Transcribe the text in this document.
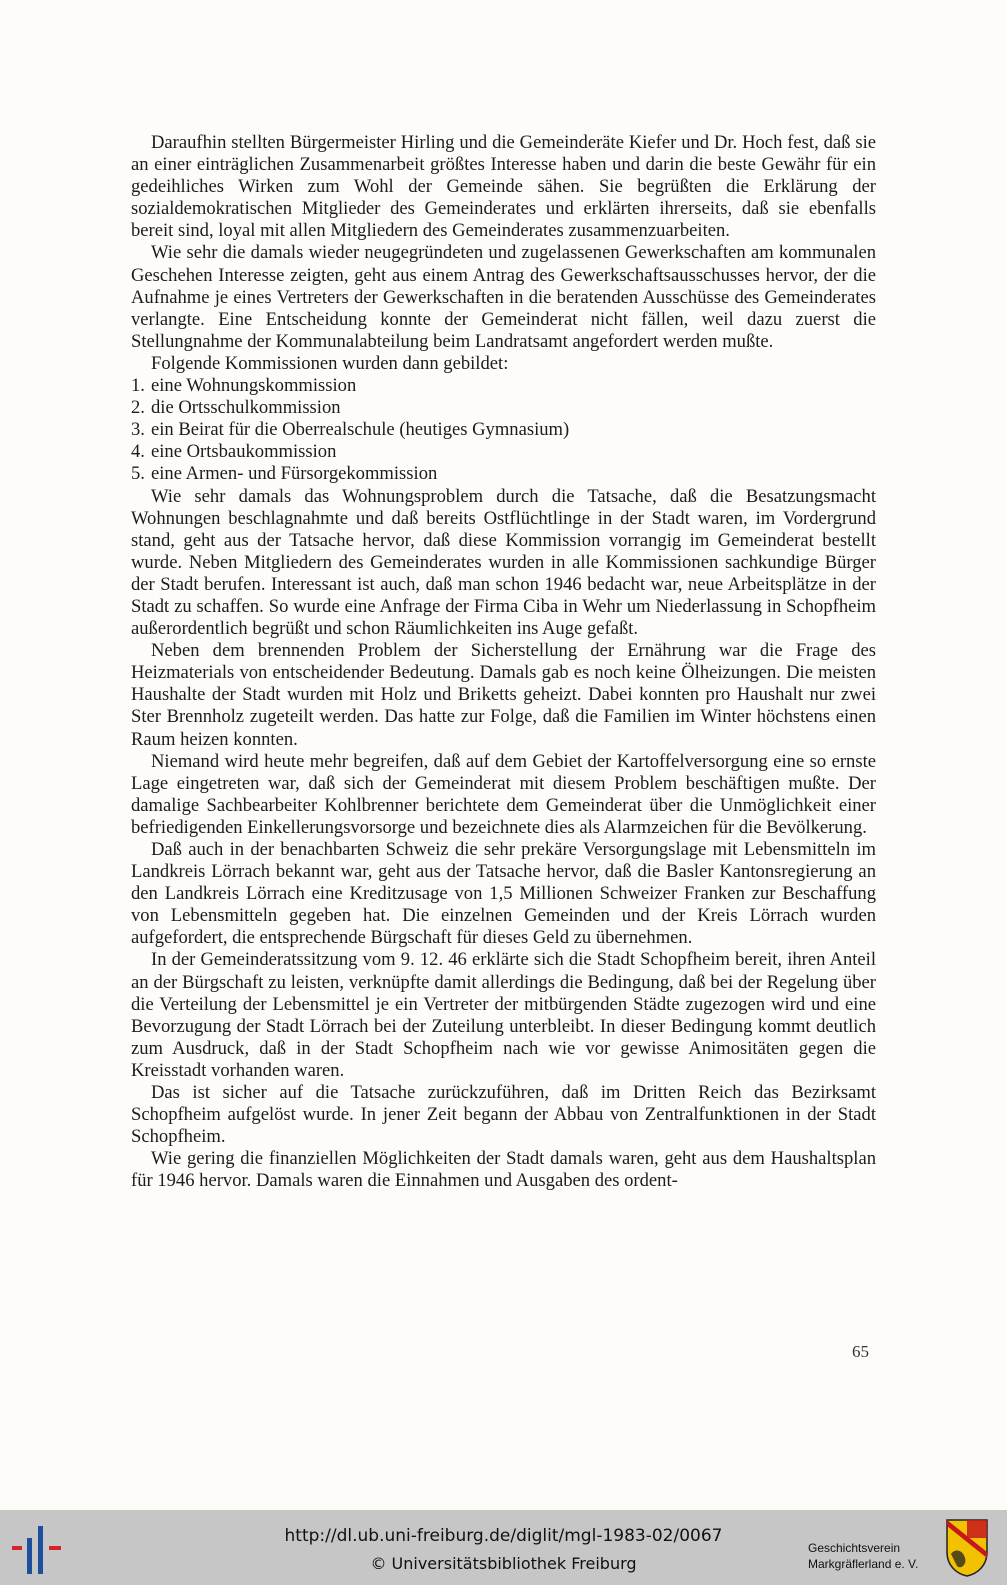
Daraufhin stellten Bürgermeister Hirling und die Gemeinderäte Kiefer und Dr. Hoch fest, daß sie an einer einträglichen Zusammenarbeit größtes Interesse haben und darin die beste Gewähr für ein gedeihliches Wirken zum Wohl der Gemeinde sähen. Sie begrüßten die Erklärung der sozialdemokratischen Mitglieder des Gemeinderates und erklärten ihrerseits, daß sie ebenfalls bereit sind, loyal mit allen Mitgliedern des Gemeinderates zusammenzuarbeiten.

Wie sehr die damals wieder neugegründeten und zugelassenen Gewerkschaften am kommunalen Geschehen Interesse zeigten, geht aus einem Antrag des Gewerkschaftsausschusses hervor, der die Aufnahme je eines Vertreters der Gewerkschaften in die beratenden Ausschüsse des Gemeinderates verlangte. Eine Entscheidung konnte der Gemeinderat nicht fällen, weil dazu zuerst die Stellungnahme der Kommunalabteilung beim Landratsamt angefordert werden mußte.

Folgende Kommissionen wurden dann gebildet:

1. eine Wohnungskommission
2. die Ortsschulkommission
3. ein Beirat für die Oberrealschule (heutiges Gymnasium)
4. eine Ortsbaukommission
5. eine Armen- und Fürsorgekommission

Wie sehr damals das Wohnungsproblem durch die Tatsache, daß die Besatzungsmacht Wohnungen beschlagnahmte und daß bereits Ostflüchtlinge in der Stadt waren, im Vordergrund stand, geht aus der Tatsache hervor, daß diese Kommission vorrangig im Gemeinderat bestellt wurde. Neben Mitgliedern des Gemeinderates wurden in alle Kommissionen sachkundige Bürger der Stadt berufen. Interessant ist auch, daß man schon 1946 bedacht war, neue Arbeitsplätze in der Stadt zu schaffen. So wurde eine Anfrage der Firma Ciba in Wehr um Niederlassung in Schopfheim außerordentlich begrüßt und schon Räumlichkeiten ins Auge gefaßt.

Neben dem brennenden Problem der Sicherstellung der Ernährung war die Frage des Heizmaterials von entscheidender Bedeutung. Damals gab es noch keine Ölheizungen. Die meisten Haushalte der Stadt wurden mit Holz und Briketts geheizt. Dabei konnten pro Haushalt nur zwei Ster Brennholz zugeteilt werden. Das hatte zur Folge, daß die Familien im Winter höchstens einen Raum heizen konnten.

Niemand wird heute mehr begreifen, daß auf dem Gebiet der Kartoffelversorgung eine so ernste Lage eingetreten war, daß sich der Gemeinderat mit diesem Problem beschäftigen mußte. Der damalige Sachbearbeiter Kohlbrenner berichtete dem Gemeinderat über die Unmöglichkeit einer befriedigenden Einkellerungsvorsorge und bezeichnete dies als Alarmzeichen für die Bevölkerung.

Daß auch in der benachbarten Schweiz die sehr prekäre Versorgungslage mit Lebensmitteln im Landkreis Lörrach bekannt war, geht aus der Tatsache hervor, daß die Basler Kantonsregierung an den Landkreis Lörrach eine Kreditzusage von 1,5 Millionen Schweizer Franken zur Beschaffung von Lebensmitteln gegeben hat. Die einzelnen Gemeinden und der Kreis Lörrach wurden aufgefordert, die entsprechende Bürgschaft für dieses Geld zu übernehmen.

In der Gemeinderatssitzung vom 9. 12. 46 erklärte sich die Stadt Schopfheim bereit, ihren Anteil an der Bürgschaft zu leisten, verknüpfte damit allerdings die Bedingung, daß bei der Regelung über die Verteilung der Lebensmittel je ein Vertreter der mitbürgenden Städte zugezogen wird und eine Bevorzugung der Stadt Lörrach bei der Zuteilung unterbleibt. In dieser Bedingung kommt deutlich zum Ausdruck, daß in der Stadt Schopfheim nach wie vor gewisse Animositäten gegen die Kreisstadt vorhanden waren.

Das ist sicher auf die Tatsache zurückzuführen, daß im Dritten Reich das Bezirksamt Schopfheim aufgelöst wurde. In jener Zeit begann der Abbau von Zentralfunktionen in der Stadt Schopfheim.

Wie gering die finanziellen Möglichkeiten der Stadt damals waren, geht aus dem Haushaltsplan für 1946 hervor. Damals waren die Einnahmen und Ausgaben des ordent-

65
http://dl.ub.uni-freiburg.de/diglit/mgl-1983-02/0067
© Universitätsbibliothek Freiburg
Geschichtsverein
Markgräflerland e. V.
